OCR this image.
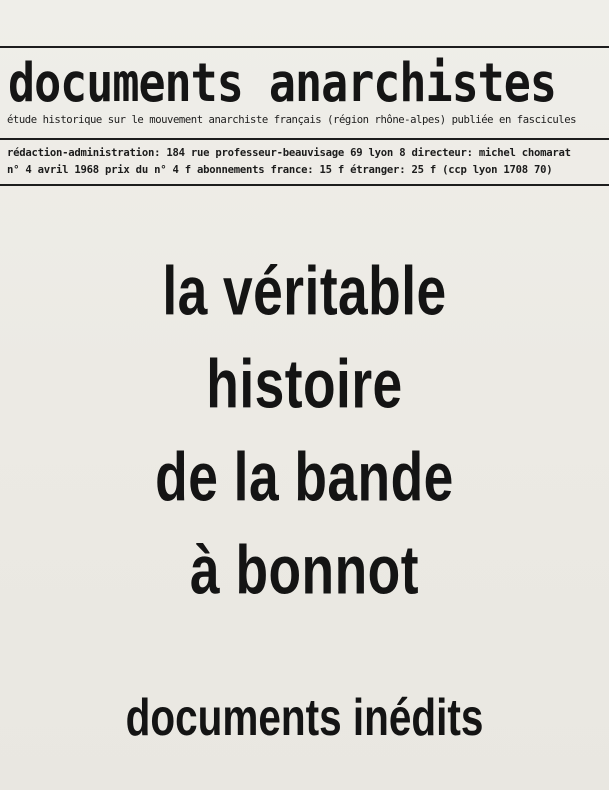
documents anarchistes
étude historique sur le mouvement anarchiste français (région rhône-alpes) publiée en fascicules
rédaction-administration: 184 rue professeur-beauvisage 69 lyon 8 directeur: michel chomarat
n° 4 avril 1968 prix du n° 4 f abonnements france: 15 f étranger: 25 f (ccp lyon 1708 70)
la véritable
histoire
de la bande
à bonnot
documents inédits
